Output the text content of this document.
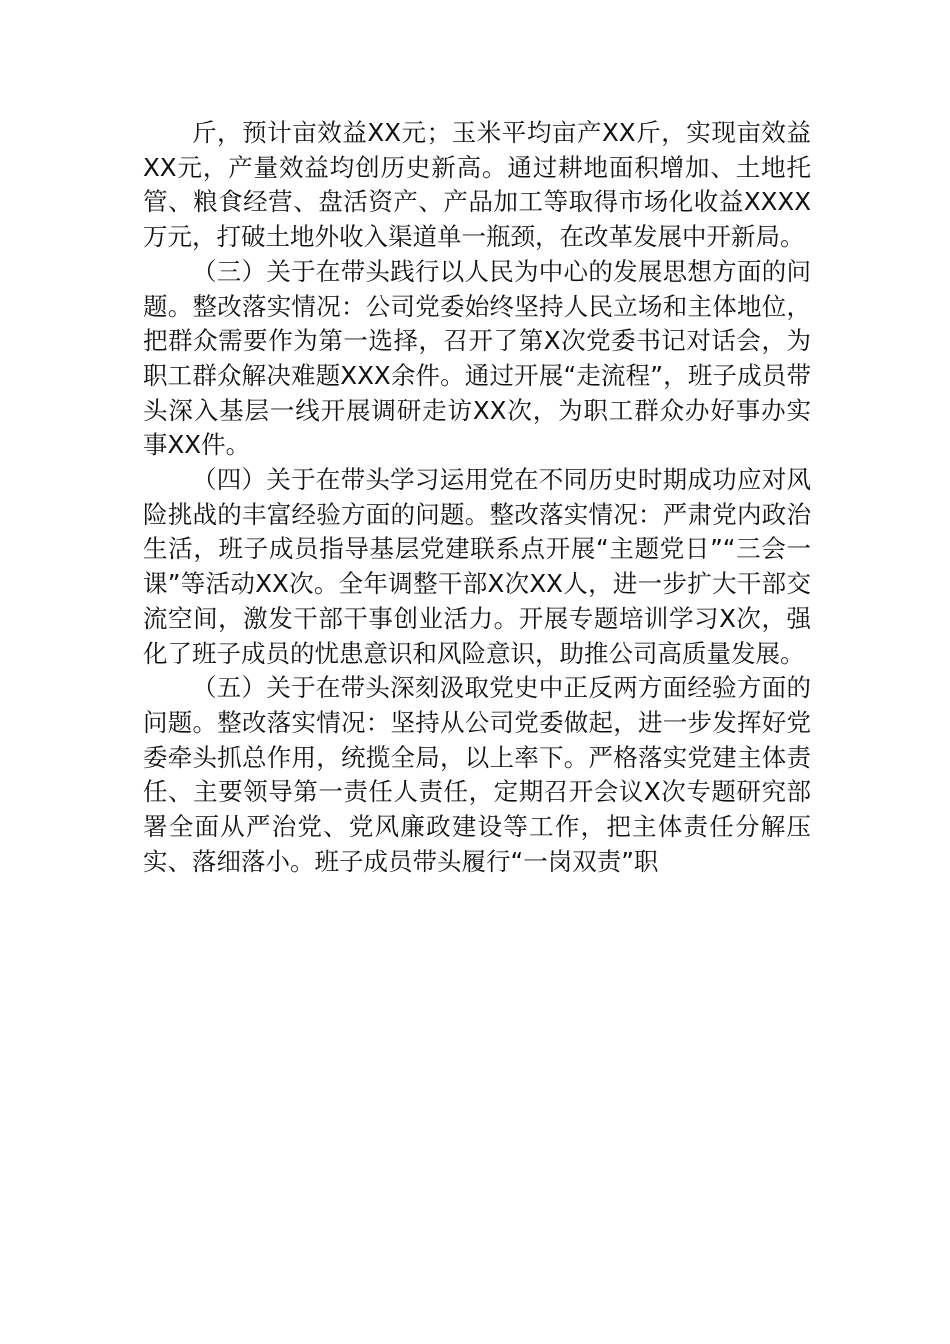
斤，预计亩效益XX元；玉米平均亩产XX斤，实现亩效益XX元，产量效益均创历史新高。通过耕地面积增加、土地托管、粮食经营、盘活资产、产品加工等取得市场化收益XXXX万元，打破土地外收入渠道单一瓶颈，在改革发展中开新局。

（三）关于在带头践行以人民为中心的发展思想方面的问题。整改落实情况：公司党委始终坚持人民立场和主体地位，把群众需要作为第一选择，召开了第X次党委书记对话会，为职工群众解决难题XXX余件。通过开展“走流程”，班子成员带头深入基层一线开展调研走访XX次，为职工群众办好事办实事XX件。

（四）关于在带头学习运用党在不同历史时期成功应对风险挑战的丰富经验方面的问题。整改落实情况：严肃党内政治生活，班子成员指导基层党建联系点开展“主题党日”“三会一课”等活动XX次。全年调整干部X次XX人，进一步扩大干部交流空间，激发干部干事创业活力。开展专题培训学习X次，强化了班子成员的忧患意识和风险意识，助推公司高质量发展。

（五）关于在带头深刻汲取党史中正反两方面经验方面的问题。整改落实情况：坚持从公司党委做起，进一步发挥好党委牵头抓总作用，统揽全局，以上率下。严格落实党建主体责任、主要领导第一责任人责任，定期召开会议X次专题研究部署全面从严治党、党风廉政建设等工作，把主体责任分解压实、落细落小。班子成员带头履行“一岗双责”职
